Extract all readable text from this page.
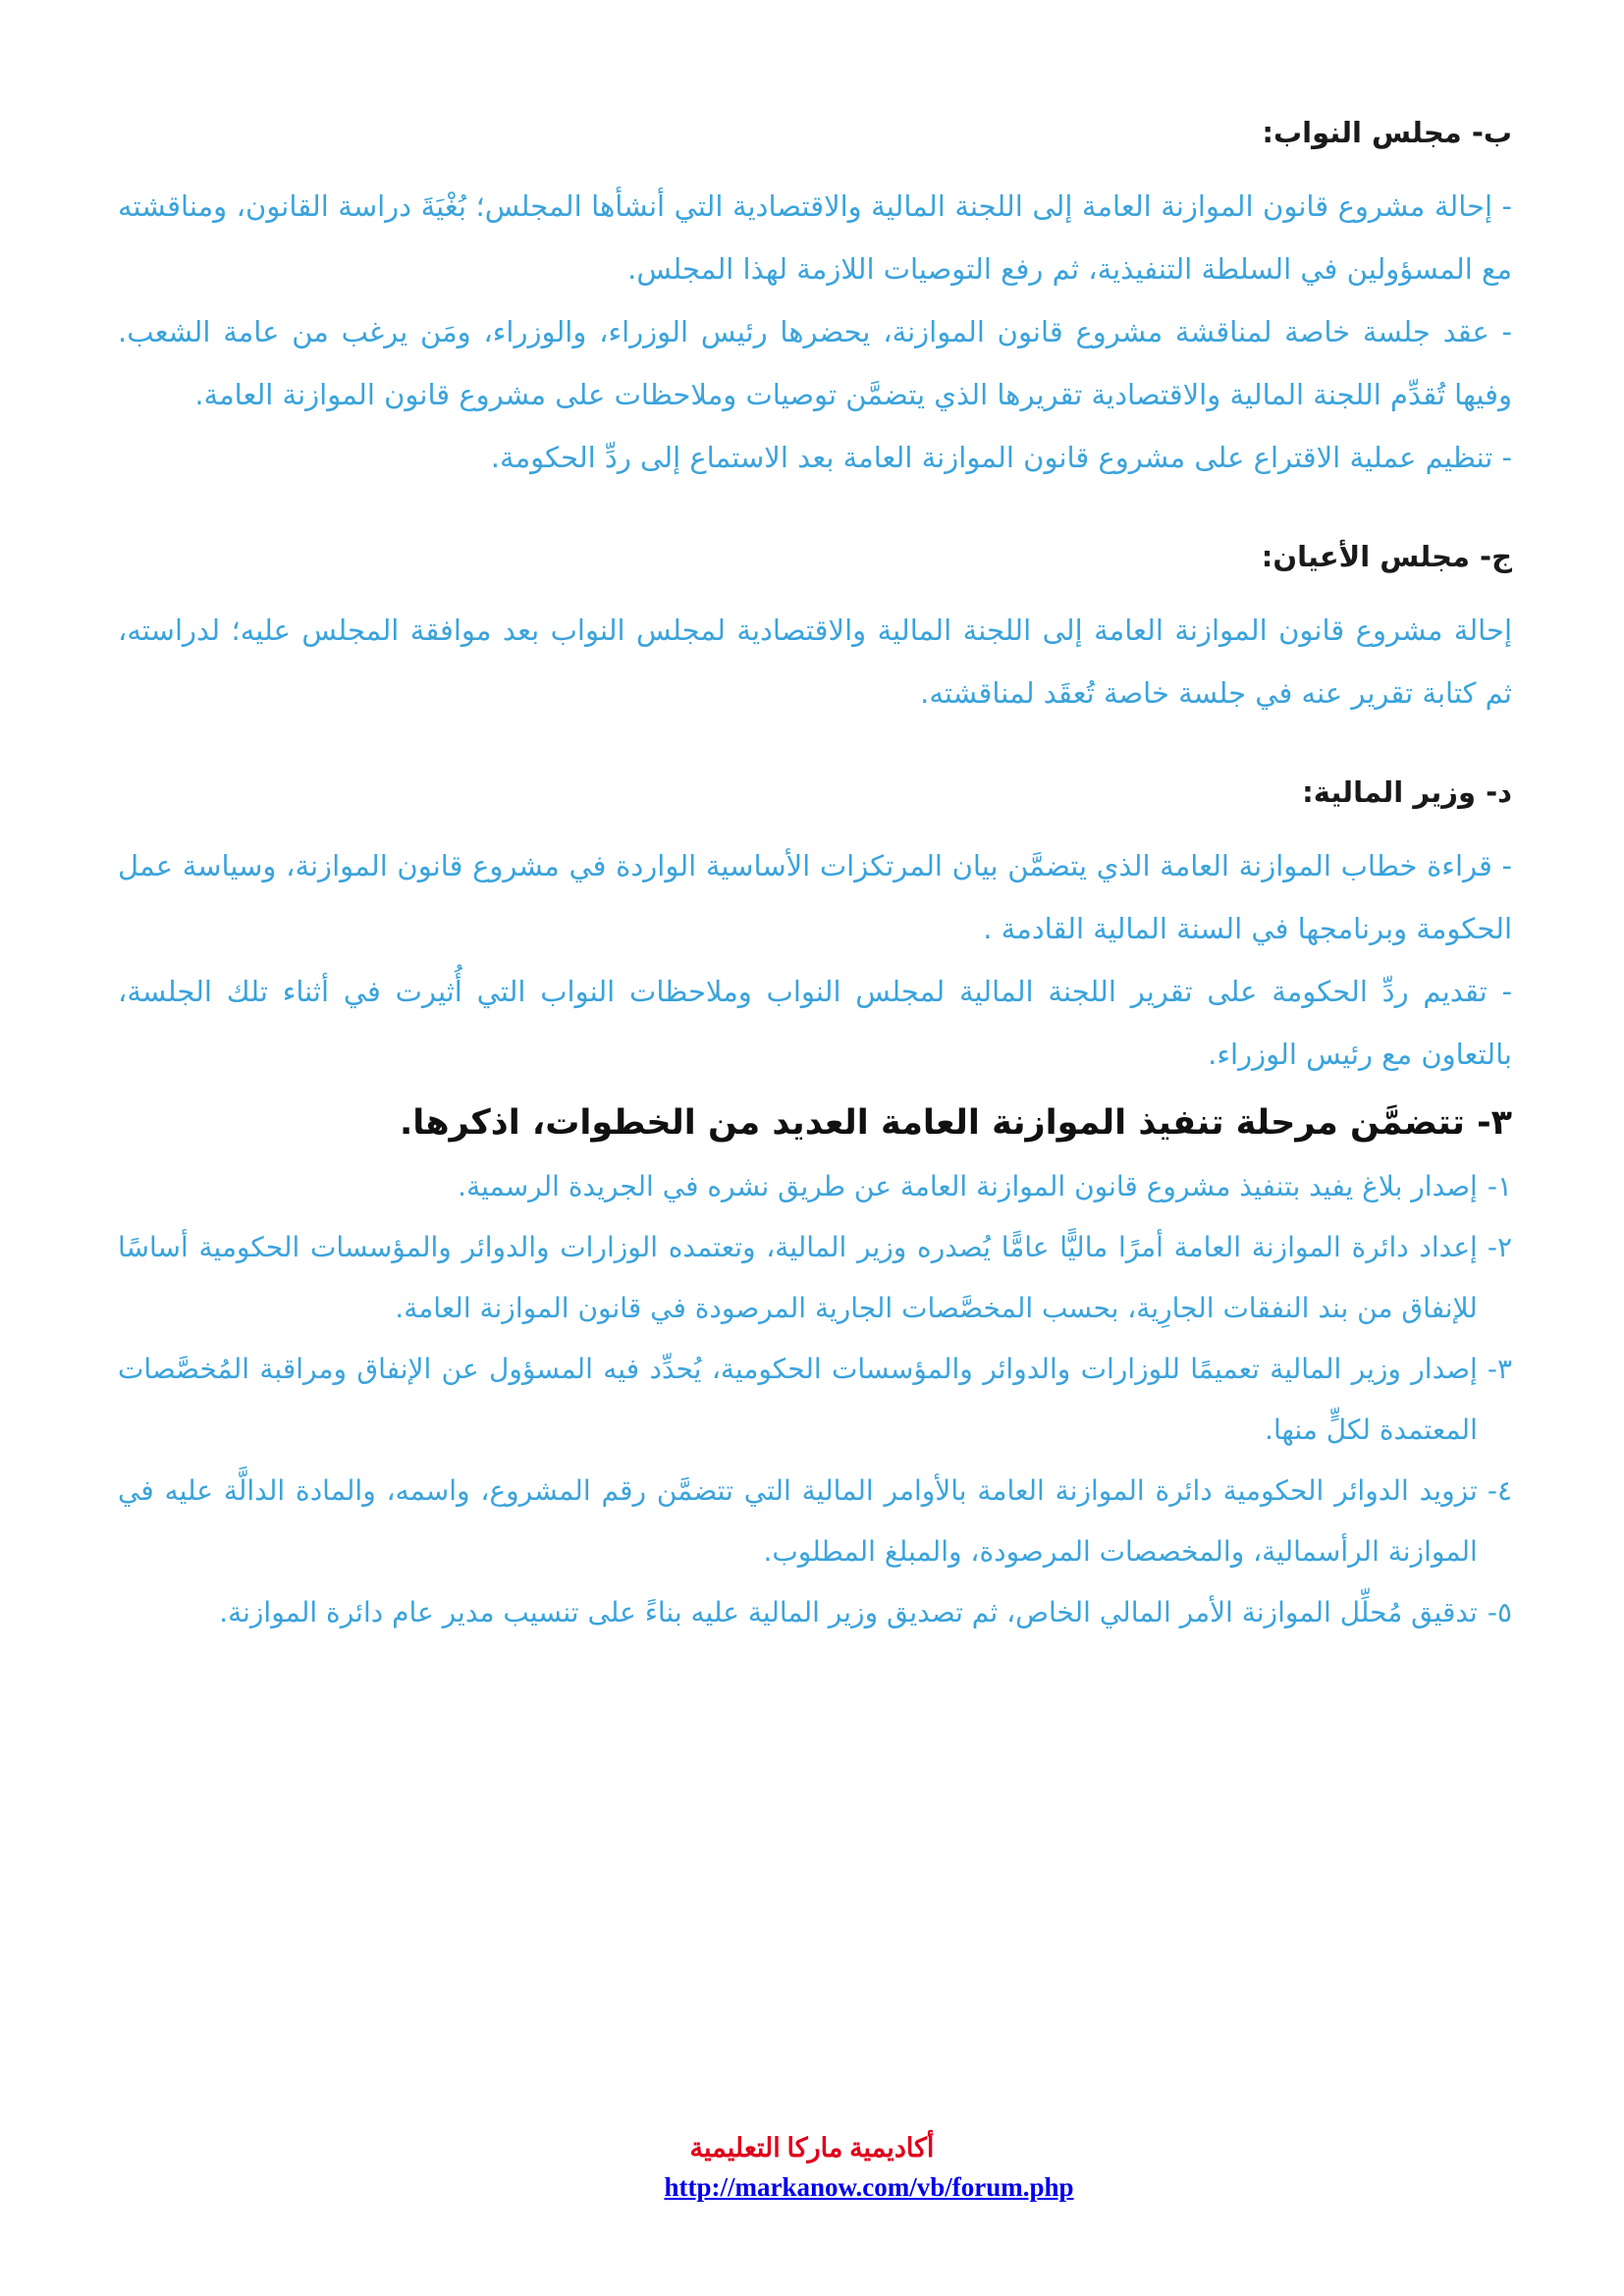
ب- مجلس النواب:

- إحالة مشروع قانون الموازنة العامة إلى اللجنة المالية والاقتصادية التي أنشأها المجلس؛ بُغْيَةَ دراسة القانون، ومناقشته مع المسؤولين في السلطة التنفيذية، ثم رفع التوصيات اللازمة لهذا المجلس.

- عقد جلسة خاصة لمناقشة مشروع قانون الموازنة، يحضرها رئيس الوزراء، والوزراء، ومَن يرغب من عامة الشعب. وفيها تُقدِّم اللجنة المالية والاقتصادية تقريرها الذي يتضمَّن توصيات وملاحظات على مشروع قانون الموازنة العامة.

- تنظيم عملية الاقتراع على مشروع قانون الموازنة العامة بعد الاستماع إلى ردِّ الحكومة.

ج- مجلس الأعيان:

إحالة مشروع قانون الموازنة العامة إلى اللجنة المالية والاقتصادية لمجلس النواب بعد موافقة المجلس عليه؛ لدراسته، ثم كتابة تقرير عنه في جلسة خاصة تُعقَد لمناقشته.

د- وزير المالية:

- قراءة خطاب الموازنة العامة الذي يتضمَّن بيان المرتكزات الأساسية الواردة في مشروع قانون الموازنة، وسياسة عمل الحكومة وبرنامجها في السنة المالية القادمة .

- تقديم ردِّ الحكومة على تقرير اللجنة المالية لمجلس النواب وملاحظات النواب التي أُثيرت في أثناء تلك الجلسة، بالتعاون مع رئيس الوزراء.

٣- تتضمَّن مرحلة تنفيذ الموازنة العامة العديد من الخطوات، اذكرها.
١-
إصدار بلاغ يفيد بتنفيذ مشروع قانون الموازنة العامة عن طريق نشره في الجريدة الرسمية.
٢-
إعداد دائرة الموازنة العامة أمرًا ماليًّا عامًّا يُصدره وزير المالية، وتعتمده الوزارات والدوائر والمؤسسات الحكومية أساسًا للإنفاق من بند النفقات الجارِية، بحسب المخصَّصات الجارية المرصودة في قانون الموازنة العامة.
٣-
إصدار وزير المالية تعميمًا للوزارات والدوائر والمؤسسات الحكومية، يُحدِّد فيه المسؤول عن الإنفاق ومراقبة المُخصَّصات المعتمدة لكلٍّ منها.
٤-
تزويد الدوائر الحكومية دائرة الموازنة العامة بالأوامر المالية التي تتضمَّن رقم المشروع، واسمه، والمادة الدالَّة عليه في الموازنة الرأسمالية، والمخصصات المرصودة، والمبلغ المطلوب.
٥-
تدقيق مُحلِّل الموازنة الأمر المالي الخاص، ثم تصديق وزير المالية عليه بناءً على تنسيب مدير عام دائرة الموازنة.
أكاديمية ماركا التعليمية
http://markanow.com/vb/forum.php
